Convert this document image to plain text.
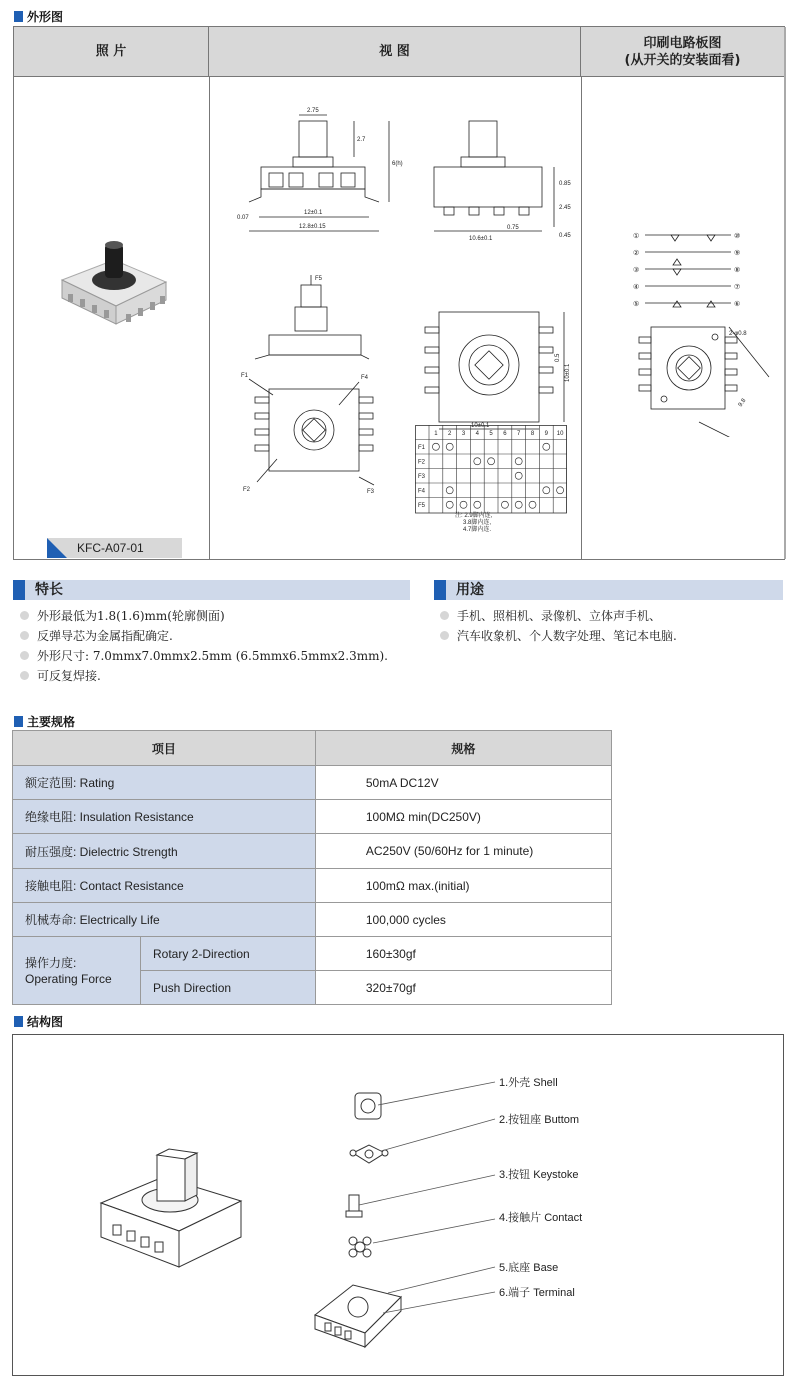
外形图
照 片	视 图
印刷电路板图
(从开关的安装面看)
KFC-A07-01
2.75
2.7
6(h)
0.07
12±0.1
12.8±0.15
0.85
2.45
0.45
10.6±0.1
0.75
F5
F1	F4
F2	F3
10±0.1
0.5
10±0.1
1 2 3 4 5 6 7 8 9 10
F1
F2
F3
F4
F5
注: 2.9脚内连,
3.8脚内连,
4.7脚内连.
①	⑩
②	⑨
③	⑧
④	⑦
⑤	⑥
2-φ0.8
9.8
特长	用途
外形最低为1.8(1.6)mm(轮廓侧面)
反弹导芯为金属指配确定.
外形尺寸: 7.0mmx7.0mmx2.5mm (6.5mmx6.5mmx2.3mm).
可反复焊接.
手机、照相机、录像机、立体声手机、
汽车收象机、个人数字处理、笔记本电脑.
主要规格
项目		规格
额定范围: Rating		50mA DC12V
绝缘电阻: Insulation Resistance		100MΩ min(DC250V)
耐压强度: Dielectric Strength		AC250V (50/60Hz for 1 minute)
接触电阻: Contact Resistance		100mΩ max.(initial)
机械寿命: Electrically Life		100,000 cycles

操作力度:
Operating Force	Rotary 2-Direction	160±30gf
	Push Direction	320±70gf
结构图
1.外壳 Shell
2.按钮座 Buttom
3.按钮 Keystoke
4.接触片 Contact
5.底座 Base
6.端子 Terminal
